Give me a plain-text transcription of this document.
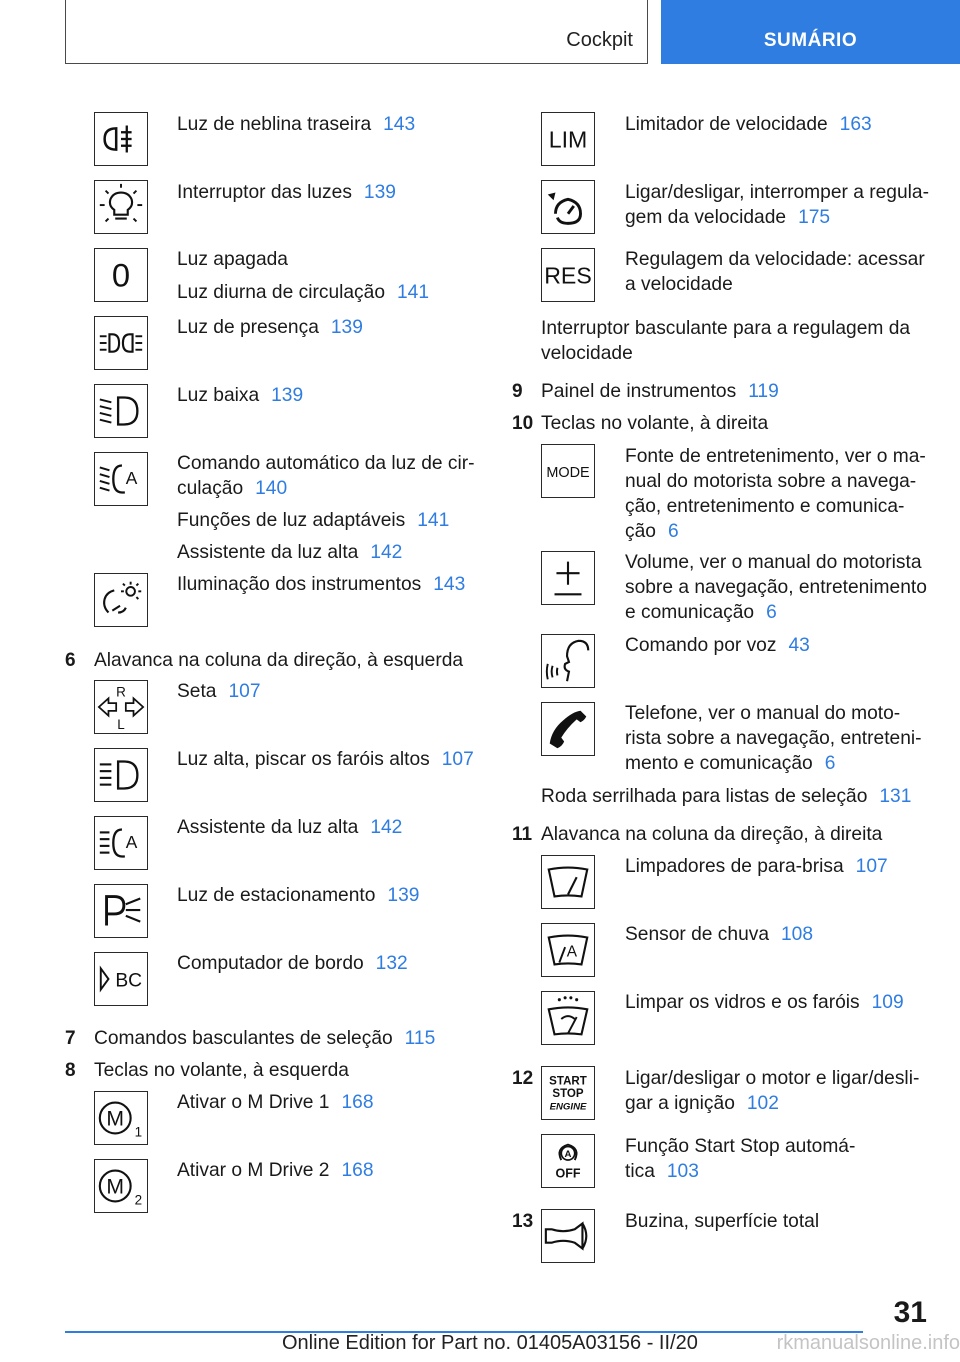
Cockpit	SUMÁRIO
Luz de neblina traseira 143
Interruptor das luzes 139
0 Luz apagada
Luz diurna de circulação 141
Luz de presença 139
Luz baixa 139
A
Comando automático da luz de cir-
culação 140
Funções de luz adaptáveis 141
Assistente da luz alta 142
Iluminação dos instrumentos 143
6 Alavanca na coluna da direção, à esquerda
R
L
Seta 107
Luz alta, piscar os faróis altos 107
A
Assistente da luz alta 142
Luz de estacionamento 139
BC
Computador de bordo 132
7 Comandos basculantes de seleção 115
8 Teclas no volante, à esquerda
M
1
Ativar o M Drive 1 168
M
2
Ativar o M Drive 2 168
LIM
Limitador de velocidade 163
Ligar/desligar, interromper a regula-
gem da velocidade 175
RES
Regulagem da velocidade: acessar
a velocidade
Interruptor basculante para a regulagem da
velocidade
9 Painel de instrumentos 119
10 Teclas no volante, à direita
MODE
Fonte de entretenimento, ver o ma-
nual do motorista sobre a navega-
ção, entretenimento e comunica-
ção 6
Volume, ver o manual do motorista
sobre a navegação, entretenimento
e comunicação 6
Comando por voz 43
Telefone, ver o manual do moto-
rista sobre a navegação, entreteni-
mento e comunicação 6
Roda serrilhada para listas de seleção 131
11 Alavanca na coluna da direção, à direita
Limpadores de para-brisa 107
A
Sensor de chuva 108
Limpar os vidros e os faróis 109
12 START
STOP
ENGINE
Ligar/desligar o motor e ligar/desli-
gar a ignição 102
A
OFF
Função Start Stop automá-
tica 103
13	Buzina, superfície total
31
Online Edition for Part no. 01405A03156 - II/20	rkmanualsonline.info
